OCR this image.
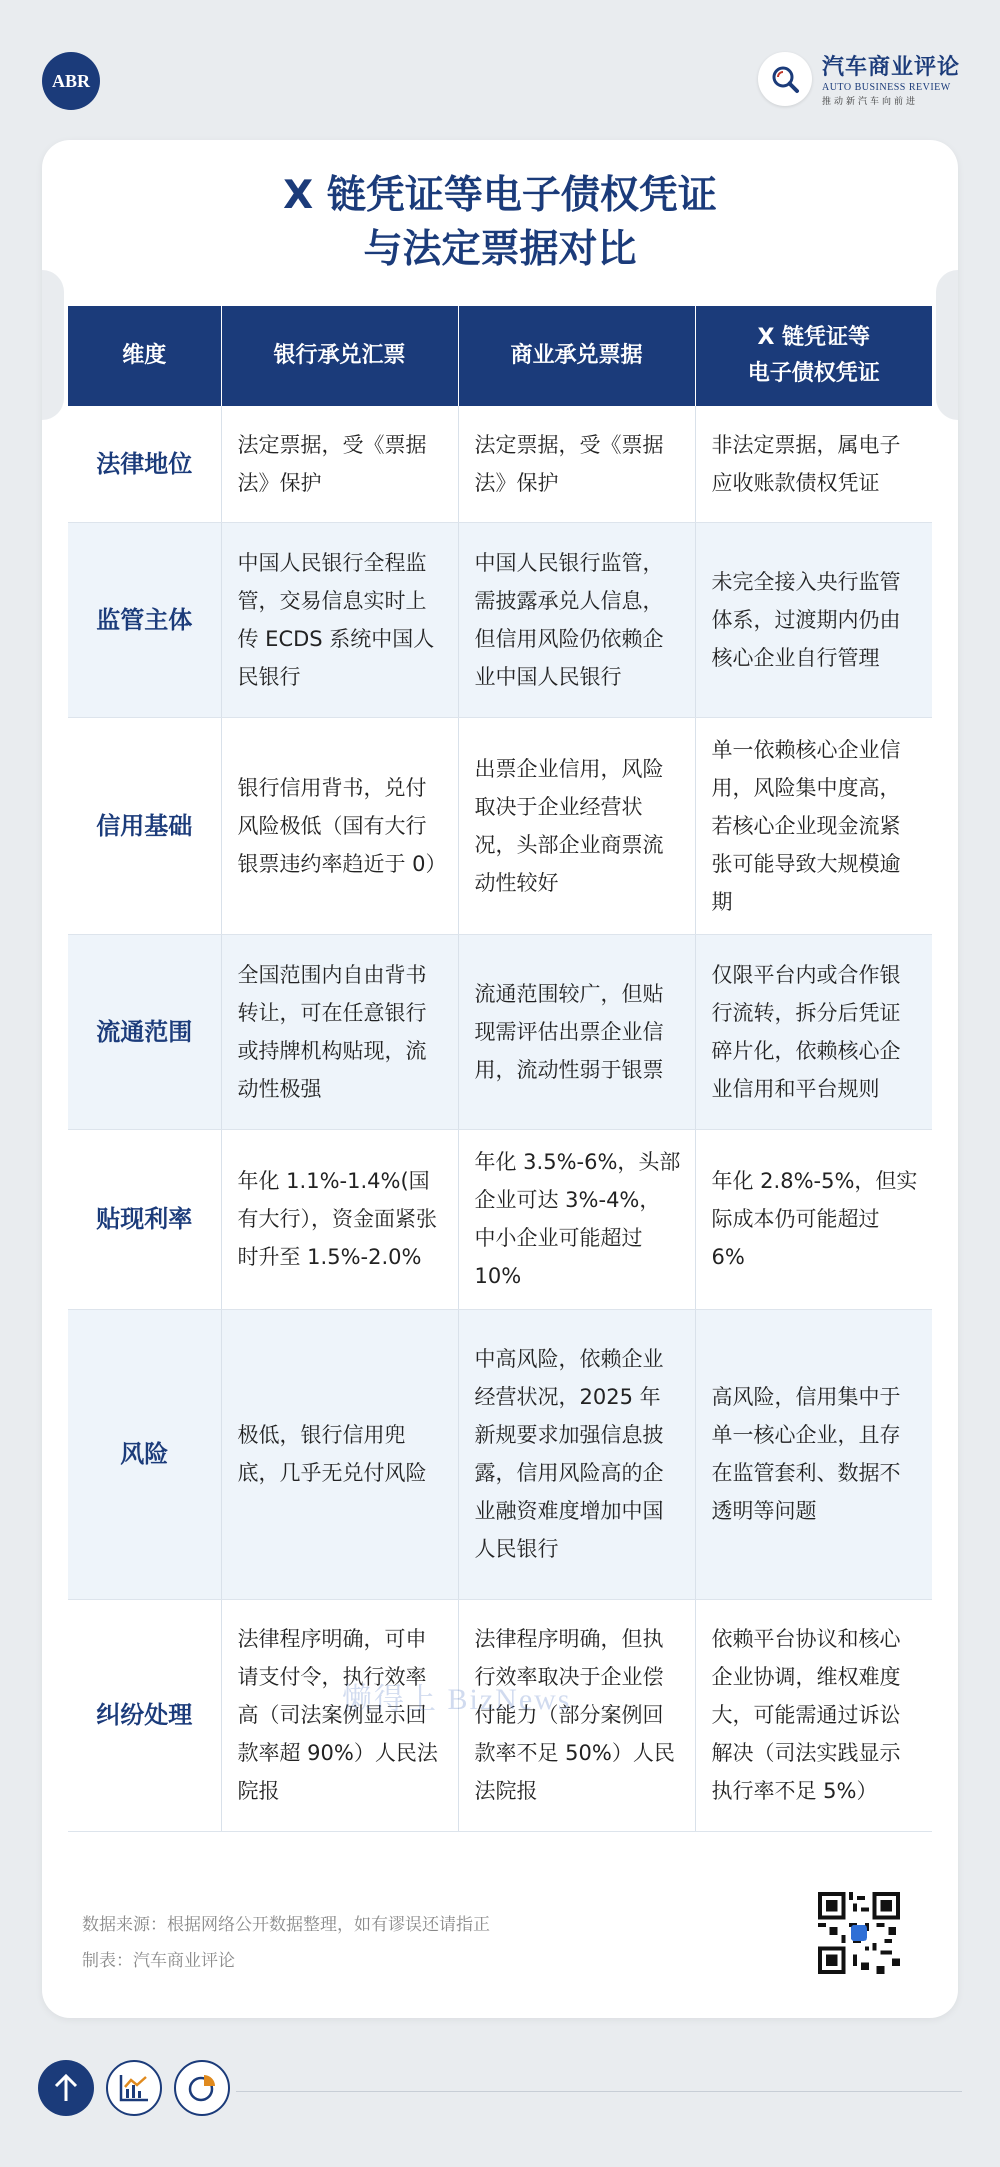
ABR
汽车商业评论
AUTO BUSINESS REVIEW
推动新汽车向前进
X 链凭证等电子债权凭证
与法定票据对比
维度	银行承兑汇票	商业承兑票据	X 链凭证等
电子债权凭证
法律地位	法定票据，受《票据法》保护	法定票据，受《票据法》保护	非法定票据，属电子应收账款债权凭证
监管主体	中国人民银行全程监管，交易信息实时上传 ECDS 系统中国人民银行	中国人民银行监管，需披露承兑人信息，但信用风险仍依赖企业中国人民银行	未完全接入央行监管体系，过渡期内仍由核心企业自行管理
信用基础	银行信用背书，兑付风险极低（国有大行银票违约率趋近于 0）	出票企业信用，风险取决于企业经营状况，头部企业商票流动性较好	单一依赖核心企业信用，风险集中度高，若核心企业现金流紧张可能导致大规模逾期
流通范围	全国范围内自由背书转让，可在任意银行或持牌机构贴现，流动性极强	流通范围较广，但贴现需评估出票企业信用，流动性弱于银票	仅限平台内或合作银行流转，拆分后凭证碎片化，依赖核心企业信用和平台规则
贴现利率	年化 1.1%-1.4%(国有大行），资金面紧张时升至 1.5%-2.0%	年化 3.5%-6%，头部企业可达 3%-4%，中小企业可能超过 10%	年化 2.8%-5%，但实际成本仍可能超过 6%
风险	极低，银行信用兜底，几乎无兑付风险	中高风险，依赖企业经营状况，2025 年新规要求加强信息披露，信用风险高的企业融资难度增加中国人民银行	高风险，信用集中于单一核心企业，且存在监管套利、数据不透明等问题
纠纷处理	法律程序明确，可申请支付令，执行效率高（司法案例显示回款率超 90%）人民法院报	法律程序明确，但执行效率取决于企业偿付能力（部分案例回款率不足 50%）人民法院报	依赖平台协议和核心企业协调，维权难度大，可能需通过诉讼解决（司法实践显示执行率不足 5%）
懒得上 BizNews
数据来源：根据网络公开数据整理，如有谬误还请指正
制表：汽车商业评论
